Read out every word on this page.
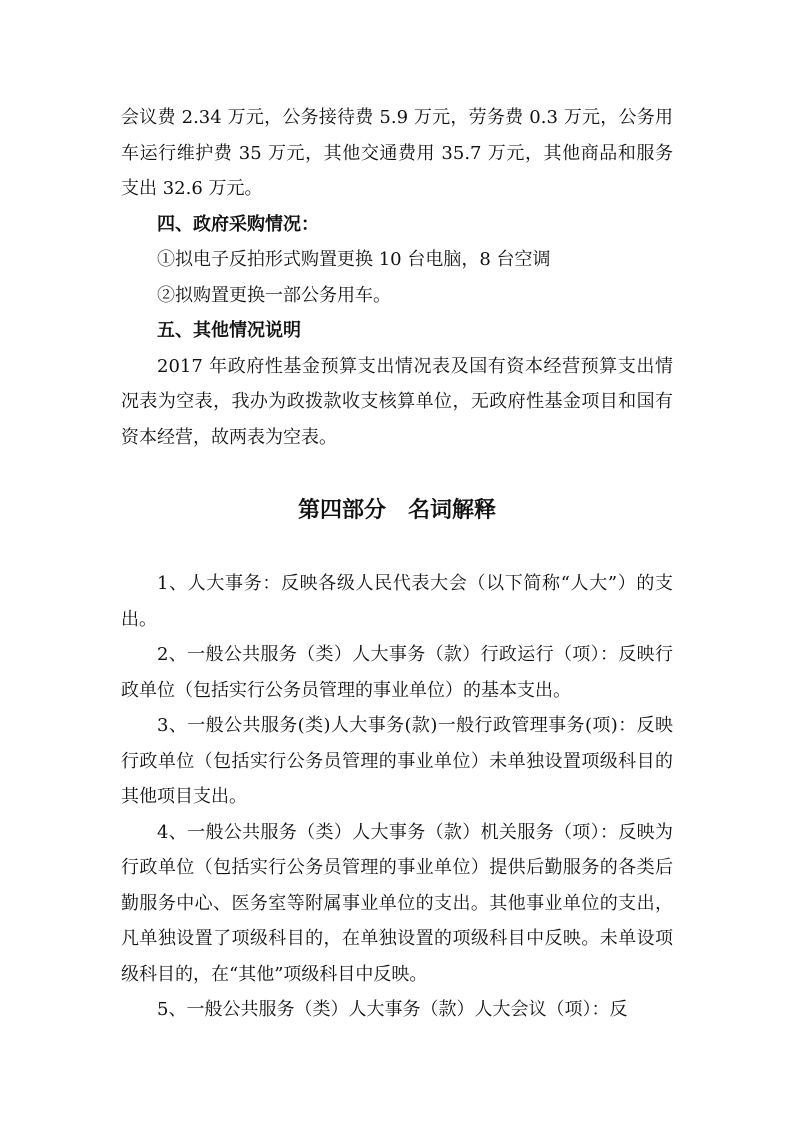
会议费 2.34 万元，公务接待费 5.9 万元，劳务费 0.3 万元，公务用车运行维护费 35 万元，其他交通费用 35.7 万元，其他商品和服务支出 32.6 万元。

四、政府采购情况：

①拟电子反拍形式购置更换 10 台电脑，8 台空调

②拟购置更换一部公务用车。

五、其他情况说明

2017 年政府性基金预算支出情况表及国有资本经营预算支出情况表为空表，我办为政拨款收支核算单位，无政府性基金项目和国有资本经营，故两表为空表。

第四部分　名词解释

1、人大事务：反映各级人民代表大会（以下简称“人大”）的支出。

2、一般公共服务（类）人大事务（款）行政运行（项）：反映行政单位（包括实行公务员管理的事业单位）的基本支出。

3、一般公共服务(类)人大事务(款)一般行政管理事务(项)：反映行政单位（包括实行公务员管理的事业单位）未单独设置项级科目的其他项目支出。

4、一般公共服务（类）人大事务（款）机关服务（项）：反映为行政单位（包括实行公务员管理的事业单位）提供后勤服务的各类后勤服务中心、医务室等附属事业单位的支出。其他事业单位的支出，凡单独设置了项级科目的，在单独设置的项级科目中反映。未单设项级科目的，在“其他”项级科目中反映。

5、一般公共服务（类）人大事务（款）人大会议（项）：反
